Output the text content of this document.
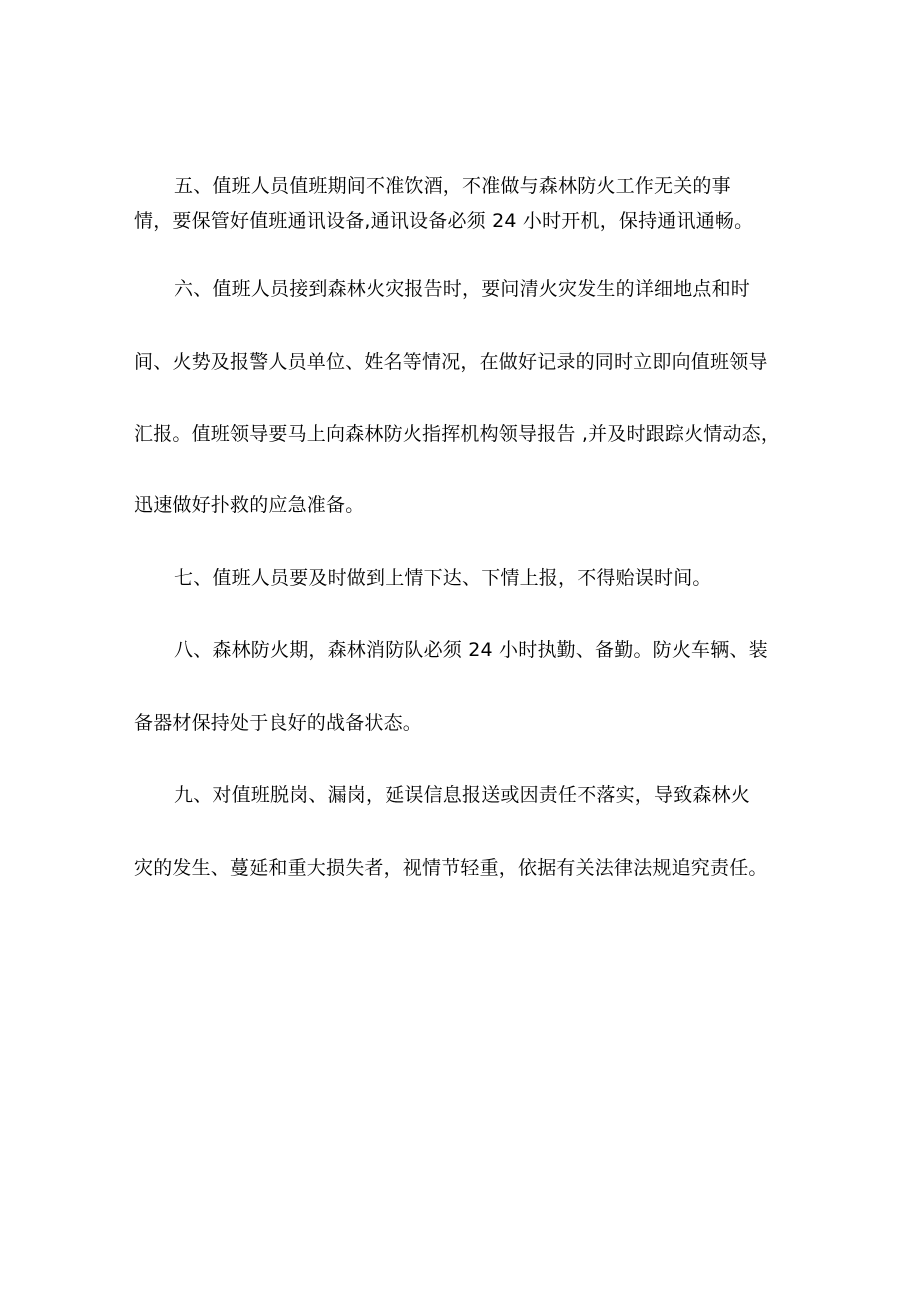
五、值班人员值班期间不准饮酒，不准做与森林防火工作无关的事
情，要保管好值班通讯设备,通讯设备必须 24 小时开机，保持通讯通畅。
六、值班人员接到森林火灾报告时，要问清火灾发生的详细地点和时
间、火势及报警人员单位、姓名等情况，在做好记录的同时立即向值班领导
汇报。值班领导要马上向森林防火指挥机构领导报告 ,并及时跟踪火情动态，
迅速做好扑救的应急准备。
七、值班人员要及时做到上情下达、下情上报，不得贻误时间。
八、森林防火期，森林消防队必须 24 小时执勤、备勤。防火车辆、装
备器材保持处于良好的战备状态。
九、对值班脱岗、漏岗，延误信息报送或因责任不落实，导致森林火
灾的发生、蔓延和重大损失者，视情节轻重，依据有关法律法规追究责任。
